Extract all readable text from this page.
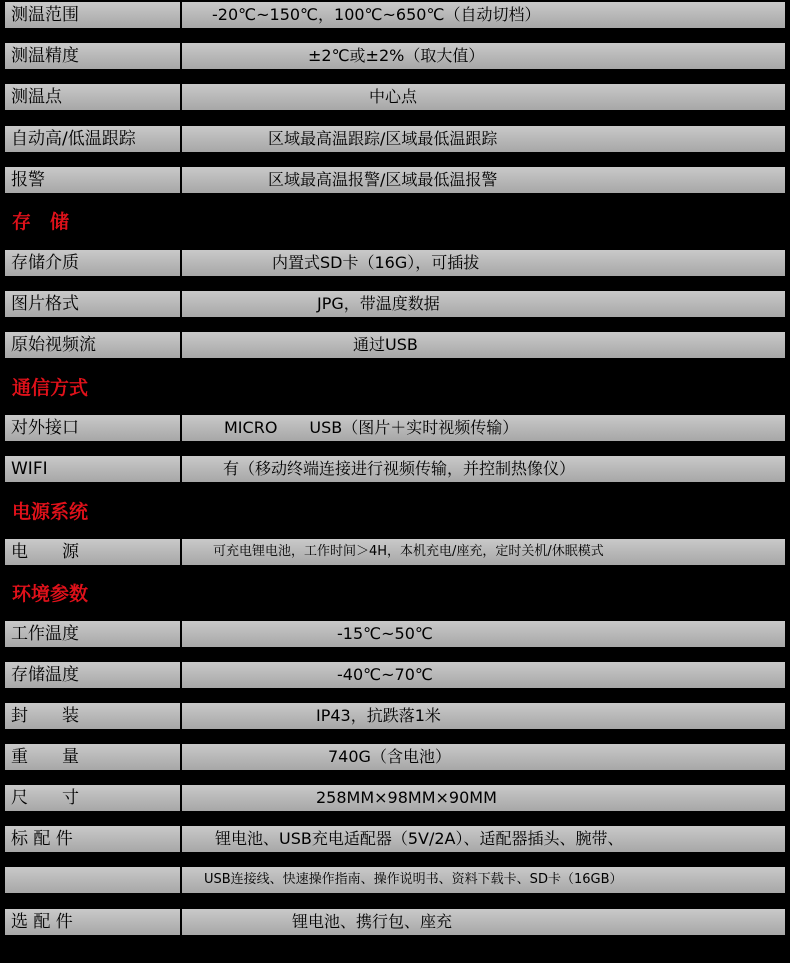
测温范围	-20℃~150℃，100℃~650℃（自动切档）
测温精度	±2℃或±2%（取大值）
测温点	中心点
自动高/低温跟踪	区域最高温跟踪/区域最低温跟踪
报警	区域最高温报警/区域最低温报警
存　储
存储介质	内置式SD卡（16G），可插拔
图片格式	JPG，带温度数据
原始视频流	通过USB
通信方式
对外接口	MICRO　　USB（图片＋实时视频传输）
WIFI	有（移动终端连接进行视频传输，并控制热像仪）
电源系统
电　　源	可充电锂电池，工作时间＞4H，本机充电/座充，定时关机/休眠模式
环境参数
工作温度	-15℃~50℃
存储温度	-40℃~70℃
封　　装	IP43，抗跌落1米
重　　量	740G（含电池）
尺　　寸	258MM×98MM×90MM
标 配 件	锂电池、USB充电适配器（5V/2A）、适配器插头、腕带、
USB连接线、快速操作指南、操作说明书、资料下载卡、SD卡（16GB）
选 配 件	锂电池、携行包、座充
